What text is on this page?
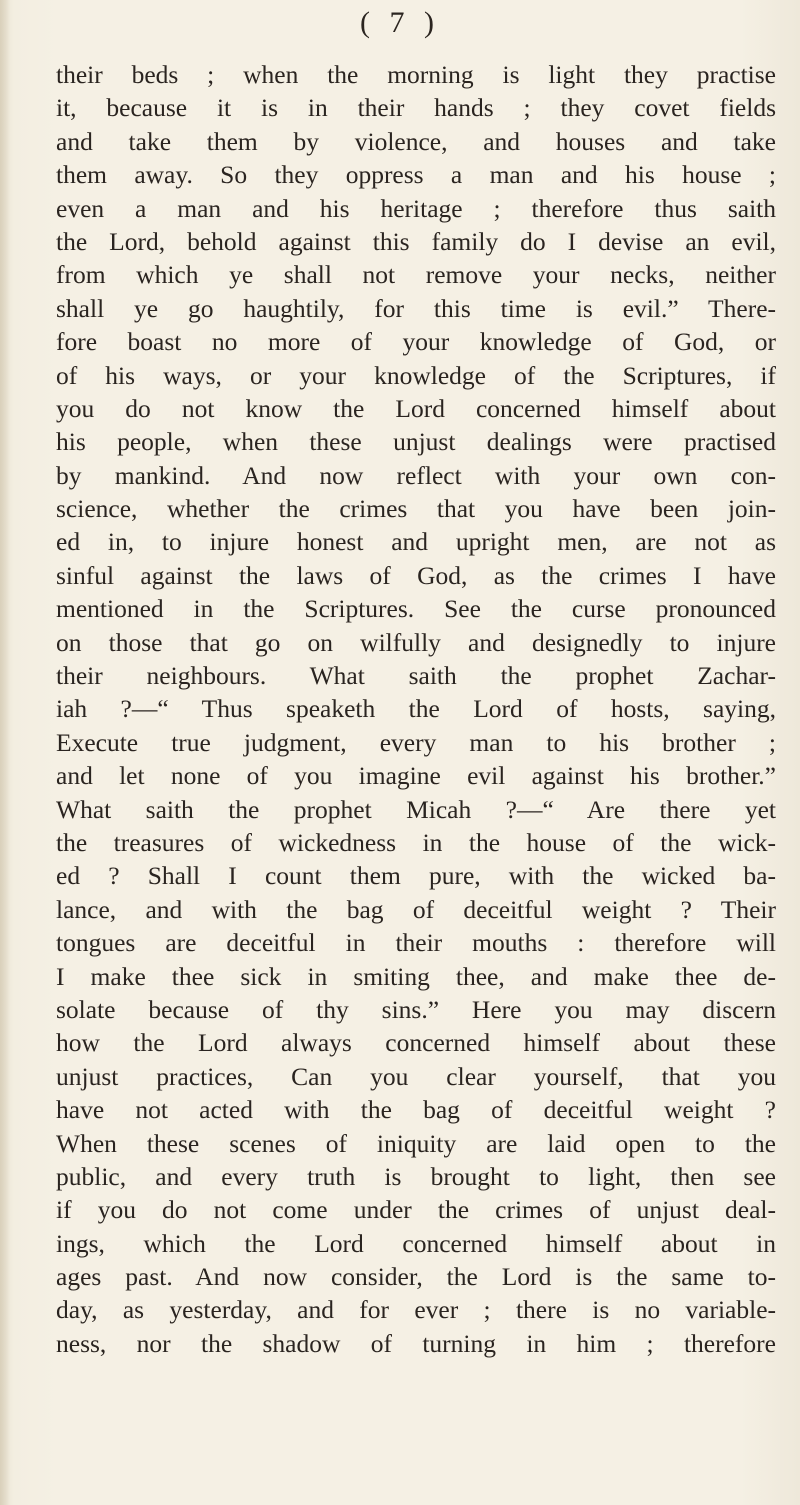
( 7 )
their beds ; when the morning is light they practise
it, because it is in their hands ; they covet fields
and take them by violence, and houses and take
them away. So they oppress a man and his house ;
even a man and his heritage ; therefore thus saith
the Lord, behold against this family do I devise an evil,
from which ye shall not remove your necks, neither
shall ye go haughtily, for this time is evil.” There-
fore boast no more of your knowledge of God, or
of his ways, or your knowledge of the Scriptures, if
you do not know the Lord concerned himself about
his people, when these unjust dealings were practised
by mankind. And now reflect with your own con-
science, whether the crimes that you have been join-
ed in, to injure honest and upright men, are not as
sinful against the laws of God, as the crimes I have
mentioned in the Scriptures. See the curse pronounced
on those that go on wilfully and designedly to injure
their neighbours. What saith the prophet Zachar-
iah ?—“ Thus speaketh the Lord of hosts, saying,
Execute true judgment, every man to his brother ;
and let none of you imagine evil against his brother.”
What saith the prophet Micah ?—“ Are there yet
the treasures of wickedness in the house of the wick-
ed ? Shall I count them pure, with the wicked ba-
lance, and with the bag of deceitful weight ? Their
tongues are deceitful in their mouths : therefore will
I make thee sick in smiting thee, and make thee de-
solate because of thy sins.” Here you may discern
how the Lord always concerned himself about these
unjust practices, Can you clear yourself, that you
have not acted with the bag of deceitful weight ?
When these scenes of iniquity are laid open to the
public, and every truth is brought to light, then see
if you do not come under the crimes of unjust deal-
ings, which the Lord concerned himself about in
ages past. And now consider, the Lord is the same to-
day, as yesterday, and for ever ; there is no variable-
ness, nor the shadow of turning in him ; therefore
